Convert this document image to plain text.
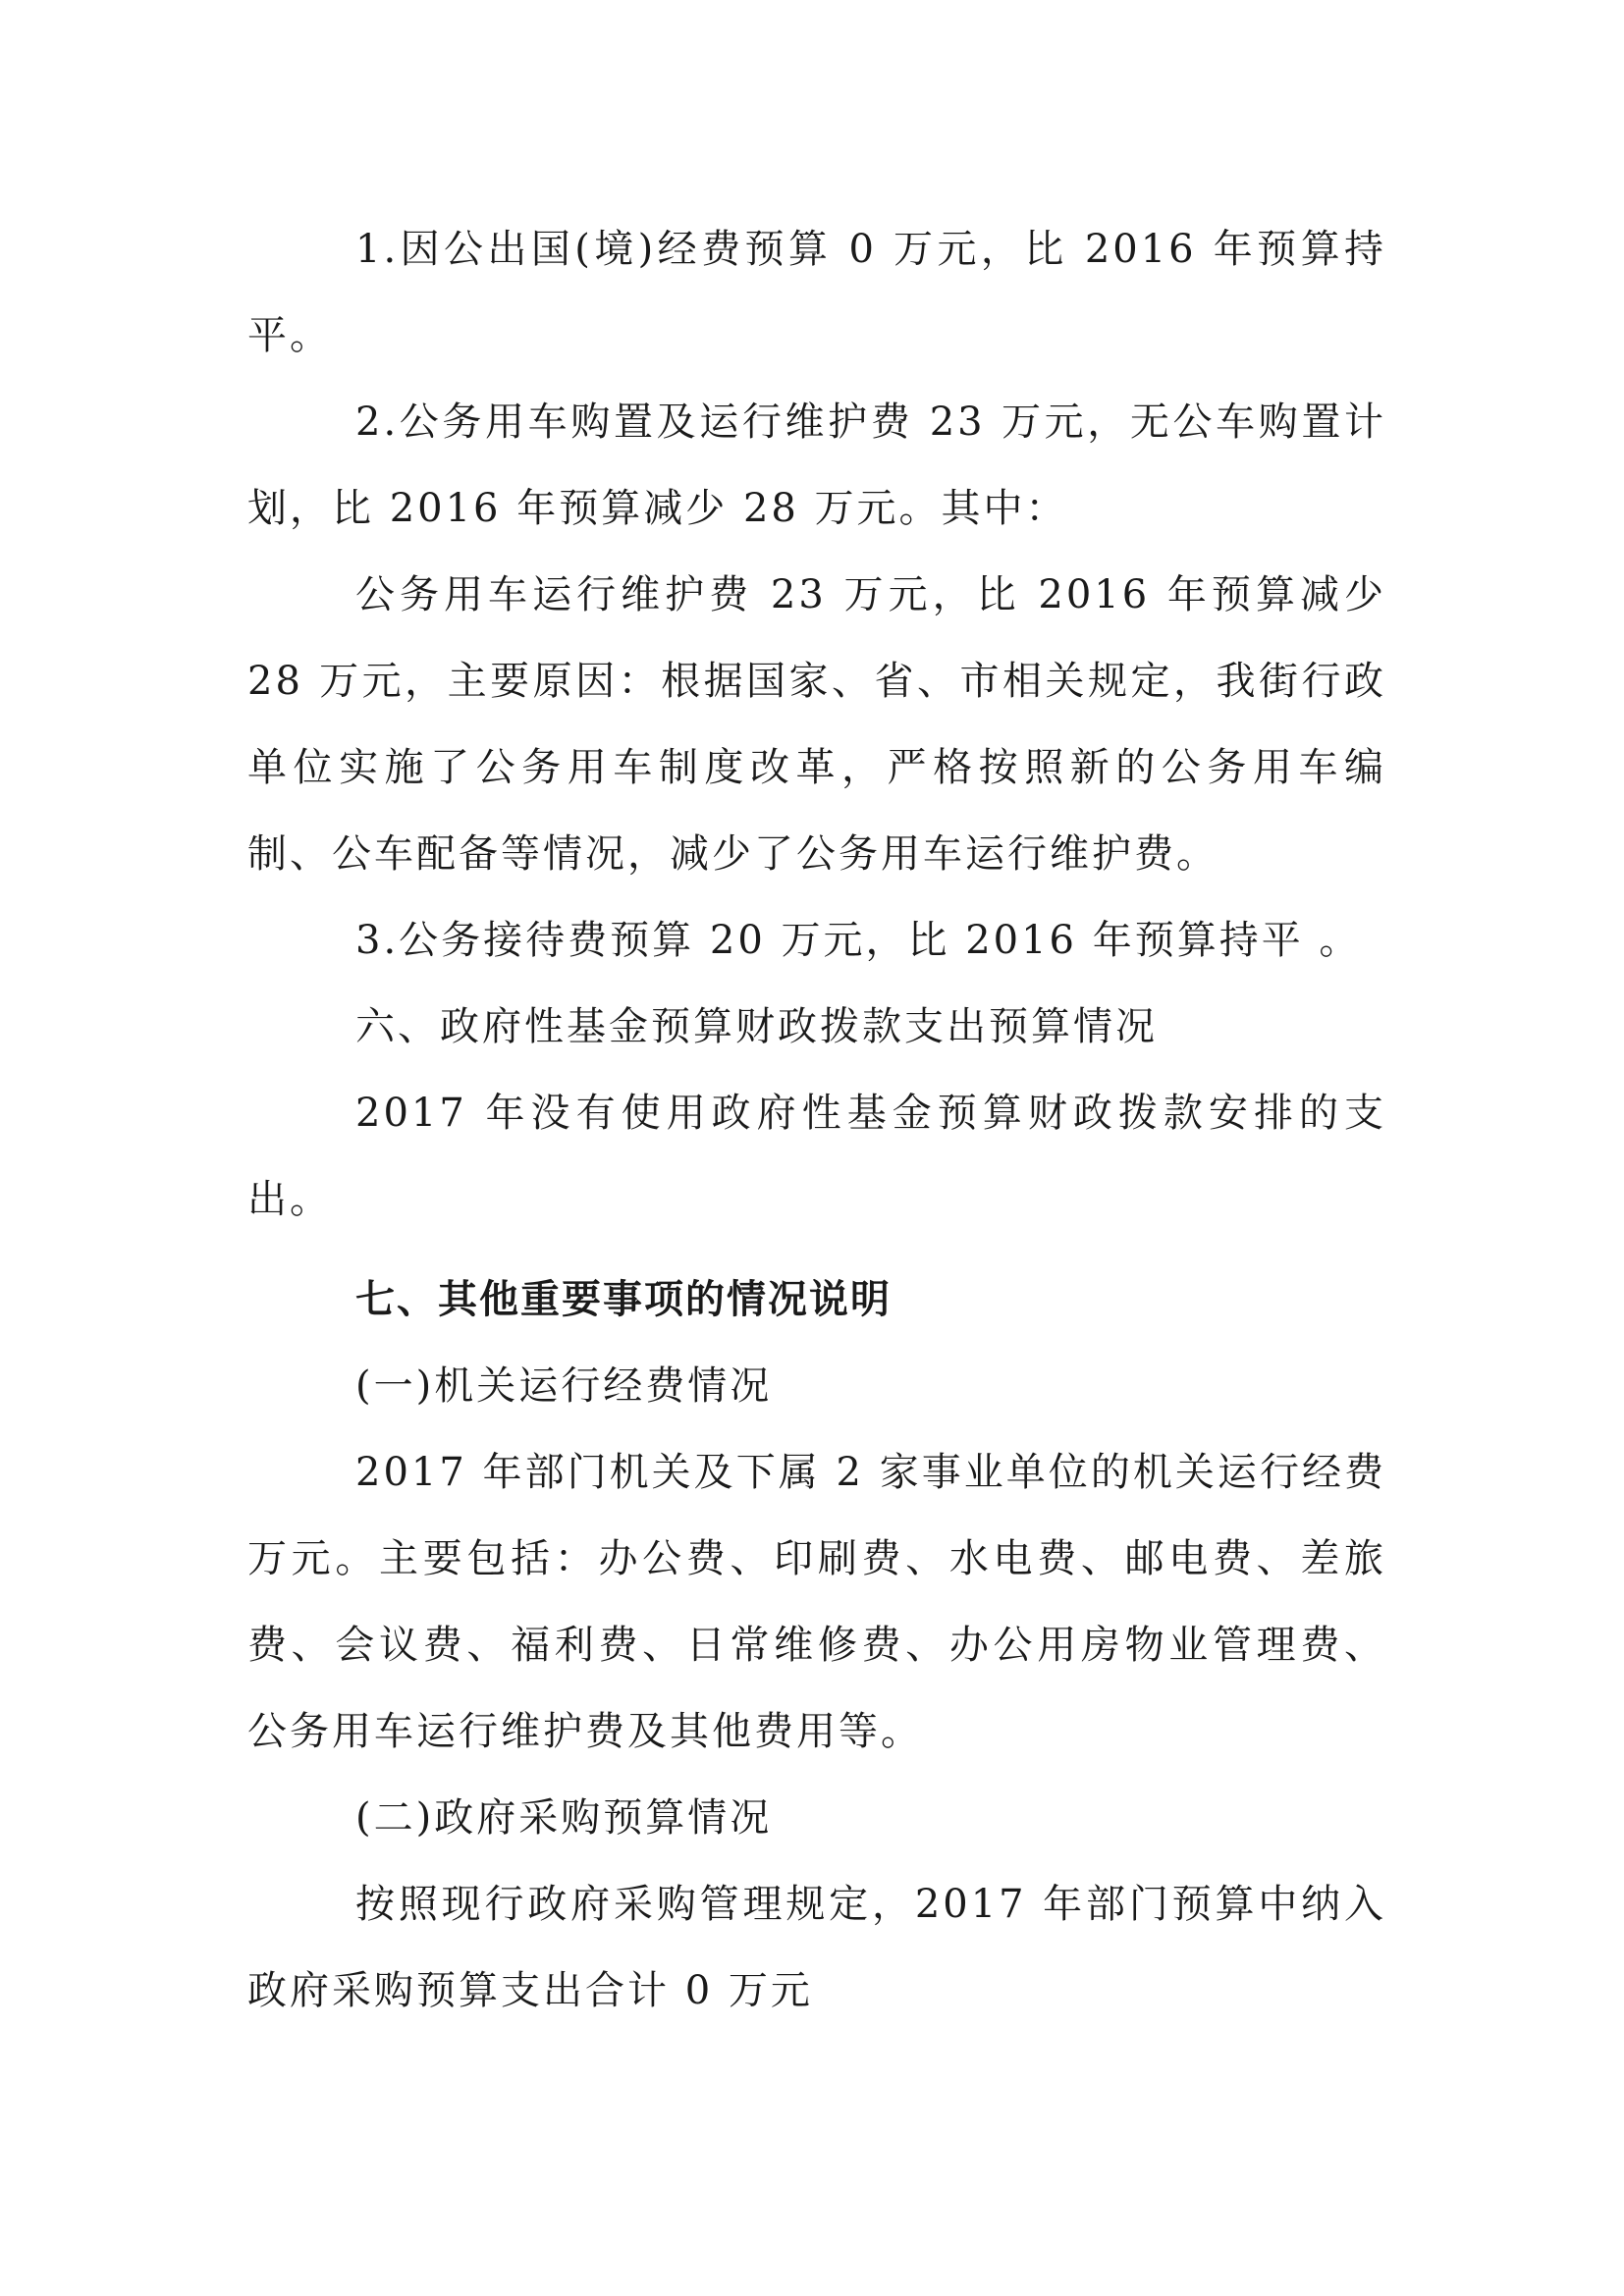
1.因公出国(境)经费预算 0 万元，比 2016 年预算持平。

2.公务用车购置及运行维护费 23 万元，无公车购置计划，比 2016 年预算减少 28 万元。其中：

公务用车运行维护费 23 万元，比 2016 年预算减少 28 万元，主要原因：根据国家、省、市相关规定，我街行政单位实施了公务用车制度改革，严格按照新的公务用车编制、公车配备等情况，减少了公务用车运行维护费。

3.公务接待费预算 20 万元，比 2016 年预算持平 。

六、政府性基金预算财政拨款支出预算情况

2017 年没有使用政府性基金预算财政拨款安排的支出。

七、其他重要事项的情况说明

(一)机关运行经费情况

2017 年部门机关及下属 2 家事业单位的机关运行经费万元。主要包括：办公费、印刷费、水电费、邮电费、差旅费、会议费、福利费、日常维修费、办公用房物业管理费、公务用车运行维护费及其他费用等。

(二)政府采购预算情况

按照现行政府采购管理规定，2017 年部门预算中纳入政府采购预算支出合计 0 万元
